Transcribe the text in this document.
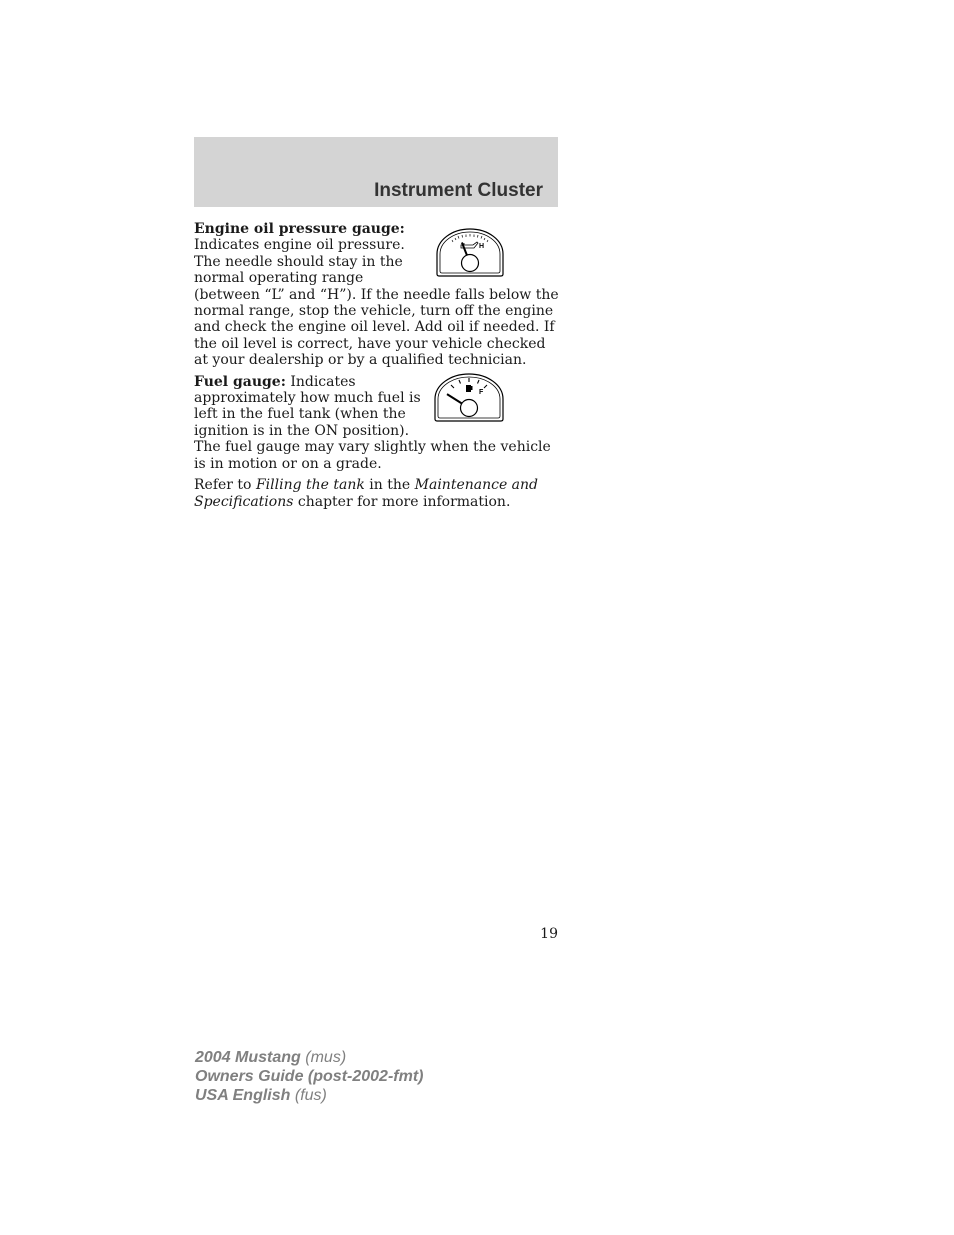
Instrument Cluster

H
Engine oil pressure gauge: Indicates engine oil pressure. The needle should stay in the normal operating range (between “L” and “H”). If the needle falls below the normal range, stop the vehicle, turn off the engine and check the engine oil level. Add oil if needed. If the oil level is correct, have your vehicle checked at your dealership or by a qualified technician.

F
Fuel gauge: Indicates approximately how much fuel is left in the fuel tank (when the ignition is in the ON position). The fuel gauge may vary slightly when the vehicle is in motion or on a grade.

Refer to Filling the tank in the Maintenance and Specifications chapter for more information.

19
2004 Mustang (mus)
Owners Guide (post-2002-fmt)
USA English (fus)
